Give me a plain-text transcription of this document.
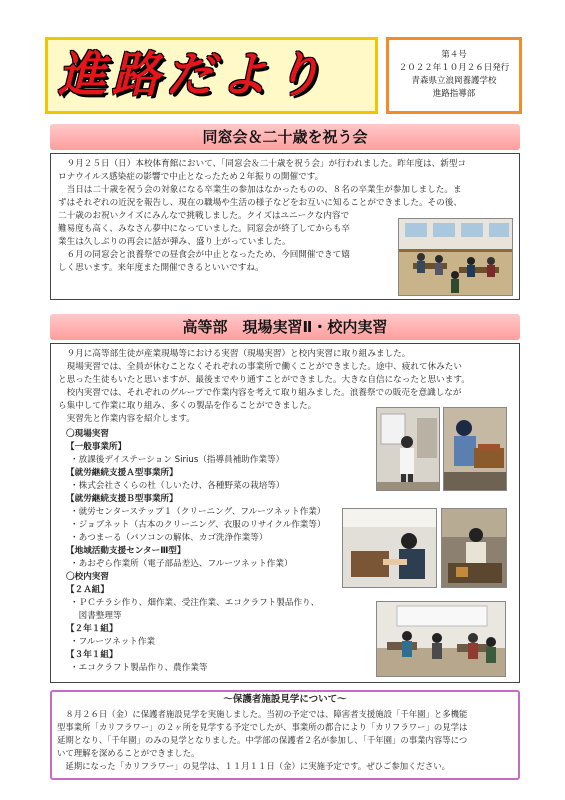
進路だより	第４号
２０２２年１０月２６日発行
青森県立浪岡養護学校
進路指導部
同窓会＆二十歳を祝う会
　９月２５日（日）本校体育館において、「同窓会＆二十歳を祝う会」が行われました。昨年度は、新型コ
ロナウイルス感染症の影響で中止となったため２年振りの開催です。
　当日は二十歳を祝う会の対象になる卒業生の参加はなかったものの、８名の卒業生が参加しました。ま
ずはそれぞれの近況を報告し、現在の職場や生活の様子などをお互いに知ることができました。その後、
二十歳のお祝いクイズにみんなで挑戦しました。クイズはユニークな内容で
難易度も高く、みなさん夢中になっていました。同窓会が終了してからも卒
業生は久しぶりの再会に話が弾み、盛り上がっていました。
　６月の同窓会と浪養祭での昼食会が中止となったため、今回開催できて嬉
しく思います。来年度また開催できるといいですね。
高等部　現場実習Ⅱ・校内実習
　９月に高等部生徒が産業現場等における実習（現場実習）と校内実習に取り組みました。
　現場実習では、全員が休むことなくそれぞれの事業所で働くことができました。途中、疲れて休みたい
と思った生徒もいたと思いますが、最後までやり通すことができました。大きな自信になったと思います。
　校内実習では、それぞれのグループで作業内容を考えて取り組みました。浪養祭での販売を意識しなが
ら集中して作業に取り組み、多くの製品を作ることができました。
　実習先と作業内容を紹介します。
〇現場実習
【一般事業所】
・放課後デイステーション Sirius（指導員補助作業等）
【就労継続支援Ａ型事業所】
・株式会社さくらの杜（しいたけ、各種野菜の栽培等）
【就労継続支援Ｂ型事業所】
・就労センターステップ１（クリーニング、フルーツネット作業）
・ジョブネット（古本のクリーニング、衣服のリサイクル作業等）
・あつまーる（パソコンの解体、カゴ洗浄作業等）
【地域活動支援センターⅢ型】
・あおぞら作業所（電子部品差込、フルーツネット作業）
〇校内実習
【２Ａ組】
・ＰＣチラシ作り、畑作業、受注作業、エコクラフト製品作り、
　図書整理等
【２年１組】
・フルーツネット作業
【３年１組】
・エコクラフト製品作り、農作業等
～保護者施設見学について～
　８月２６日（金）に保護者施設見学を実施しました。当初の予定では、障害者支援施設「千年園」と多機能
型事業所「カリフラワー」の２ヶ所を見学する予定でしたが、事業所の都合により「カリフラワー」の見学は
延期となり、「千年園」のみの見学となりました。中学部の保護者２名が参加し、「千年園」の事業内容等につ
いて理解を深めることができました。
　延期になった「カリフラワー」の見学は、１１月１１日（金）に実施予定です。ぜひご参加ください。
